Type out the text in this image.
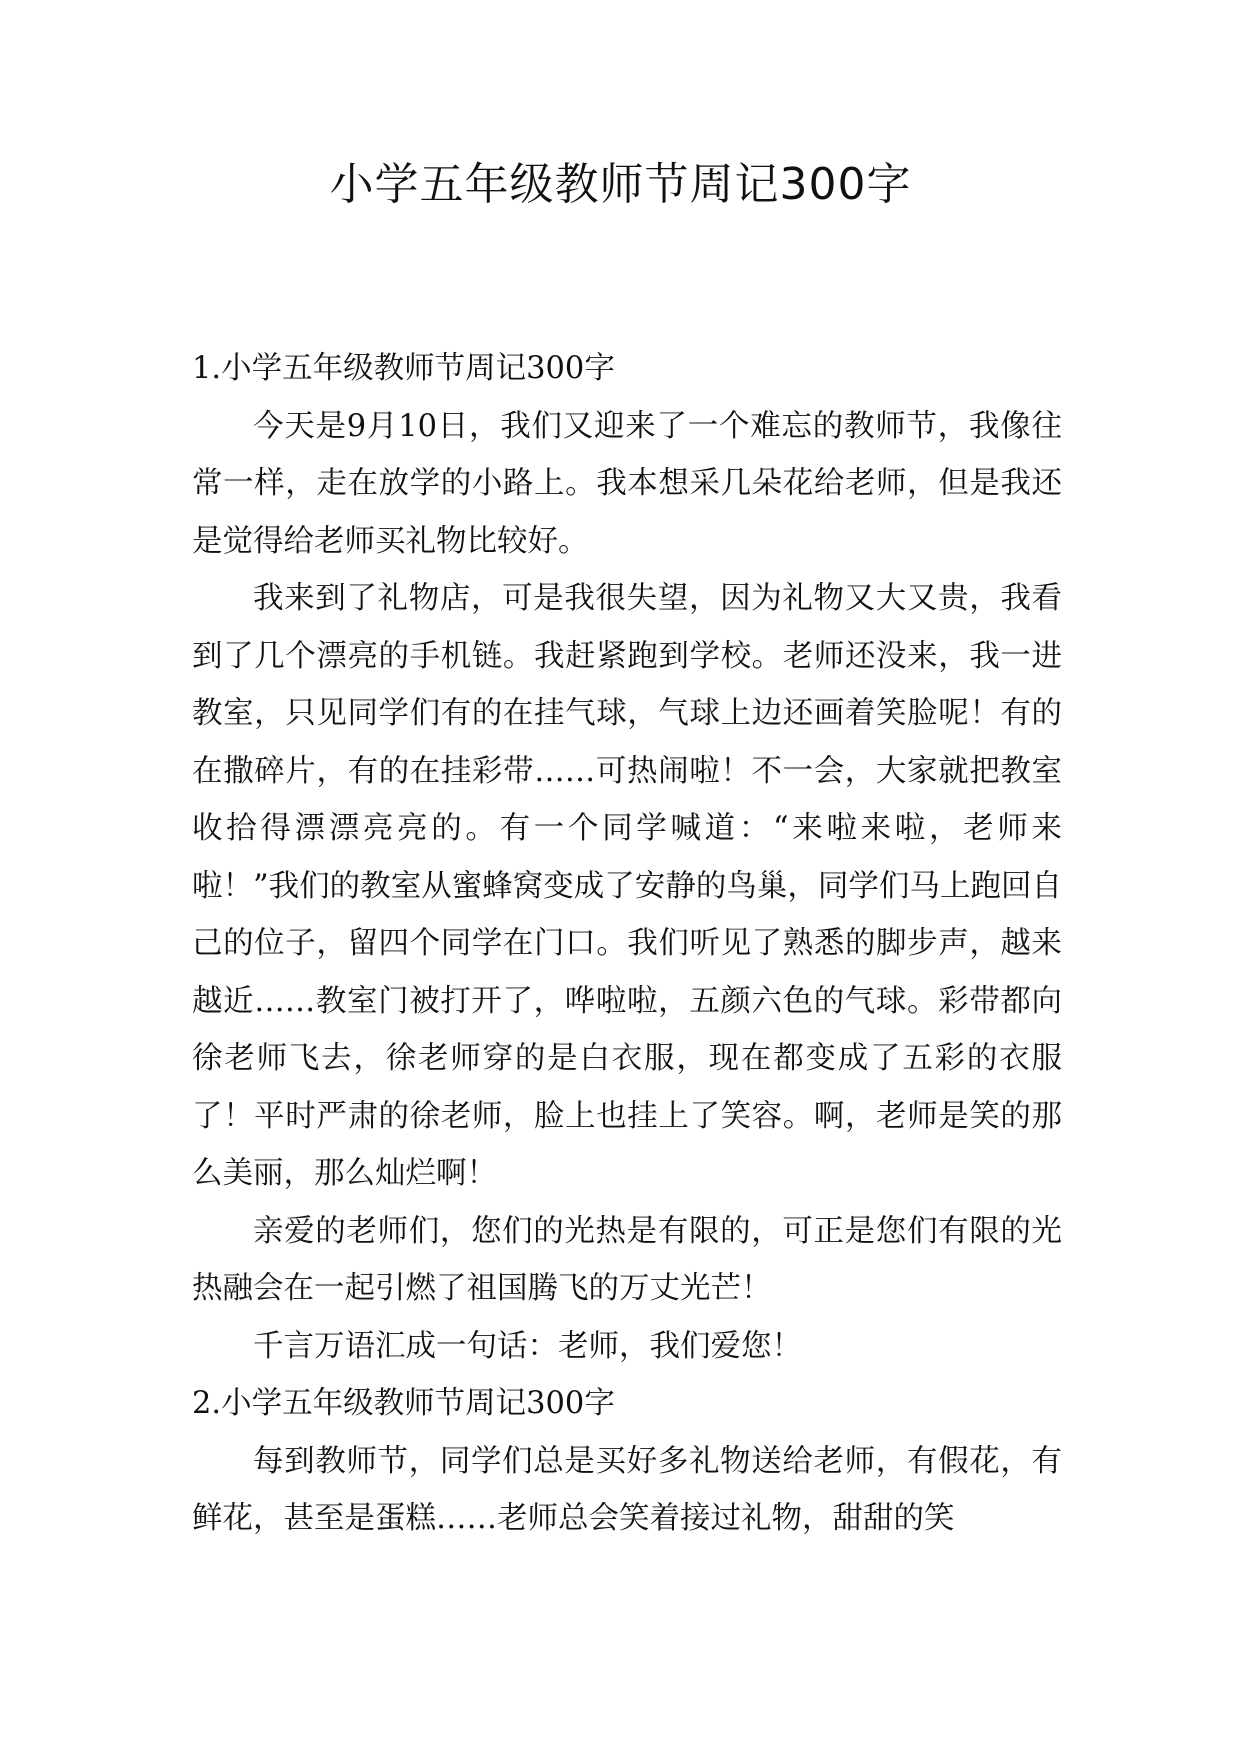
小学五年级教师节周记300字
1.小学五年级教师节周记300字

今天是9月10日，我们又迎来了一个难忘的教师节，我像往常一样，走在放学的小路上。我本想采几朵花给老师，但是我还是觉得给老师买礼物比较好。

我来到了礼物店，可是我很失望，因为礼物又大又贵，我看到了几个漂亮的手机链。我赶紧跑到学校。老师还没来，我一进教室，只见同学们有的在挂气球，气球上边还画着笑脸呢！有的在撒碎片，有的在挂彩带……可热闹啦！不一会，大家就把教室收拾得漂漂亮亮的。有一个同学喊道：“来啦来啦，老师来啦！”我们的教室从蜜蜂窝变成了安静的鸟巢，同学们马上跑回自己的位子，留四个同学在门口。我们听见了熟悉的脚步声，越来越近……教室门被打开了，哗啦啦，五颜六色的气球。彩带都向徐老师飞去，徐老师穿的是白衣服，现在都变成了五彩的衣服了！平时严肃的徐老师，脸上也挂上了笑容。啊，老师是笑的那么美丽，那么灿烂啊！

亲爱的老师们，您们的光热是有限的，可正是您们有限的光热融会在一起引燃了祖国腾飞的万丈光芒！

千言万语汇成一句话：老师，我们爱您！

2.小学五年级教师节周记300字

每到教师节，同学们总是买好多礼物送给老师，有假花，有鲜花，甚至是蛋糕……老师总会笑着接过礼物，甜甜的笑
